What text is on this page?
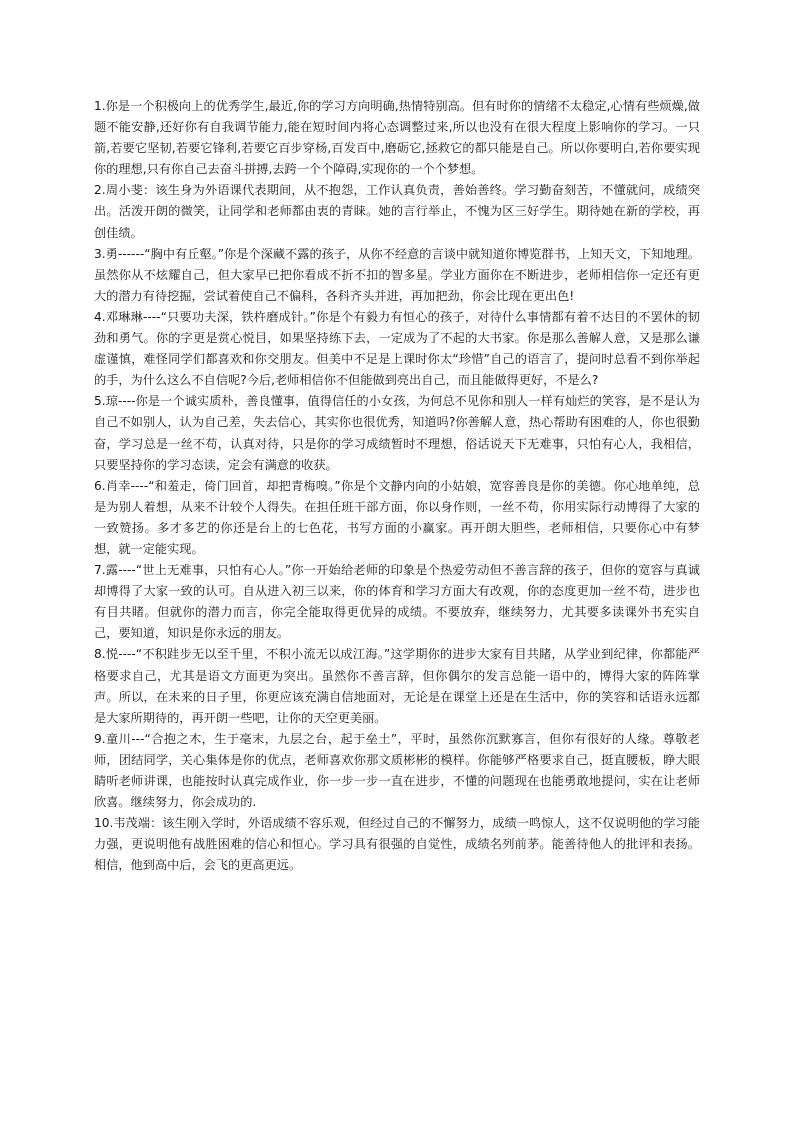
1.你是一个积极向上的优秀学生,最近,你的学习方向明确,热情特别高。但有时你的情绪不太稳定,心情有些烦燥,做题不能安静,还好你有自我调节能力,能在短时间内将心态调整过来,所以也没有在很大程度上影响你的学习。一只箭,若要它坚韧,若要它锋利,若要它百步穿杨,百发百中,磨砺它,拯救它的都只能是自己。所以你要明白,若你要实现你的理想,只有你自己去奋斗拼搏,去跨一个个障碍,实现你的一个个梦想。

2.周小斐：该生身为外语课代表期间，从不抱怨，工作认真负责，善始善终。学习勤奋刻苦，不懂就问，成绩突出。活泼开朗的微笑，让同学和老师都由衷的青睐。她的言行举止，不愧为区三好学生。期待她在新的学校，再创佳绩。

3.勇------“胸中有丘壑。”你是个深藏不露的孩子，从你不经意的言谈中就知道你博览群书，上知天文，下知地理。虽然你从不炫耀自己，但大家早已把你看成不折不扣的智多星。学业方面你在不断进步，老师相信你一定还有更大的潜力有待挖掘，尝试着使自己不偏科，各科齐头并进，再加把劲，你会比现在更出色!

4.邓琳琳----“只要功夫深，铁杵磨成针。”你是个有毅力有恒心的孩子，对待什么事情都有着不达目的不罢休的韧劲和勇气。你的字更是赏心悦目，如果坚持练下去，一定成为了不起的大书家。你是那么善解人意，又是那么谦虚谨慎，难怪同学们都喜欢和你交朋友。但美中不足是上课时你太“珍惜”自己的语言了，提问时总看不到你举起的手，为什么这么不自信呢?今后,老师相信你不但能做到亮出自己，而且能做得更好，不是么?

5.琼----你是一个诚实质朴，善良懂事，值得信任的小女孩，为何总不见你和别人一样有灿烂的笑容，是不是认为自己不如别人，认为自己差，失去信心，其实你也很优秀，知道吗?你善解人意，热心帮助有困难的人，你也很勤奋，学习总是一丝不苟，认真对待，只是你的学习成绩暂时不理想，俗话说天下无难事，只怕有心人，我相信，只要坚持你的学习态读，定会有满意的收获。

6.肖幸----“和羞走，倚门回首，却把青梅嗅。”你是个文静内向的小姑娘，宽容善良是你的美德。你心地单纯，总是为别人着想，从来不计较个人得失。在担任班干部方面，你以身作则，一丝不苟，你用实际行动博得了大家的一致赞扬。多才多艺的你还是台上的七色花，书写方面的小赢家。再开朗大胆些，老师相信，只要你心中有梦想，就一定能实现。

7.露----“世上无难事，只怕有心人。”你一开始给老师的印象是个热爱劳动但不善言辞的孩子，但你的宽容与真诚却博得了大家一致的认可。自从进入初三以来，你的体育和学习方面大有改观，你的态度更加一丝不苟，进步也有目共睹。但就你的潜力而言，你完全能取得更优异的成绩。不要放弃，继续努力，尤其要多读课外书充实自己，要知道，知识是你永远的朋友。

8.悦----“不积跬步无以至千里，不积小流无以成江海。”这学期你的进步大家有目共睹，从学业到纪律，你都能严格要求自己，尤其是语文方面更为突出。虽然你不善言辞，但你偶尔的发言总能一语中的，博得大家的阵阵掌声。所以，在未来的日子里，你更应该充满自信地面对，无论是在课堂上还是在生活中，你的笑容和话语永远都是大家所期待的，再开朗一些吧，让你的天空更美丽。

9.童川---“合抱之木，生于毫末，九层之台，起于垒土”，平时，虽然你沉默寡言，但你有很好的人缘。尊敬老师，团结同学，关心集体是你的优点，老师喜欢你那文质彬彬的模样。你能够严格要求自己，挺直腰板，睁大眼睛听老师讲课，也能按时认真完成作业，你一步一步一直在进步，不懂的问题现在也能勇敢地提问，实在让老师欣喜。继续努力，你会成功的.

10.韦茂端：该生刚入学时，外语成绩不容乐观，但经过自己的不懈努力，成绩一鸣惊人，这不仅说明他的学习能力强，更说明他有战胜困难的信心和恒心。学习具有很强的自觉性，成绩名列前茅。能善待他人的批评和表扬。相信，他到高中后，会飞的更高更远。
